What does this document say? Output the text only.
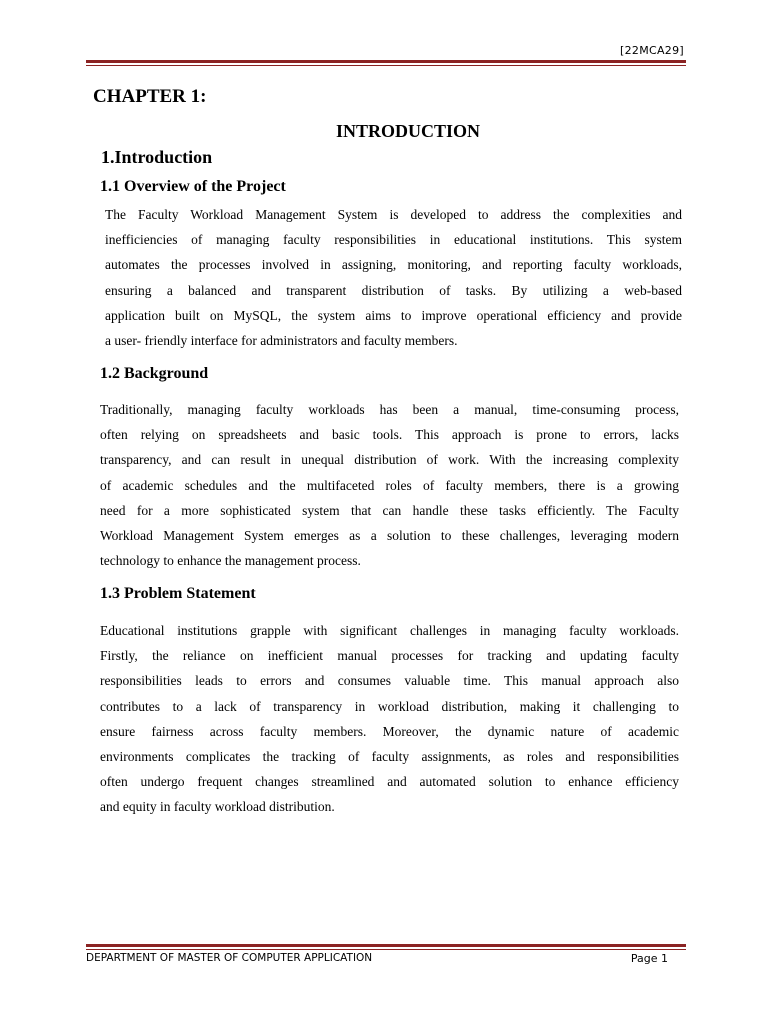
[22MCA29]
CHAPTER 1:
INTRODUCTION
1.Introduction
1.1 Overview of the Project
The Faculty Workload Management System is developed to address the complexities and
inefficiencies of managing faculty responsibilities in educational institutions. This system
automates the processes involved in assigning, monitoring, and reporting faculty workloads,
ensuring a balanced and transparent distribution of tasks. By utilizing a web-based
application built on MySQL, the system aims to improve operational efficiency and provide
a user- friendly interface for administrators and faculty members.
1.2 Background
Traditionally, managing faculty workloads has been a manual, time-consuming process,
often relying on spreadsheets and basic tools. This approach is prone to errors, lacks
transparency, and can result in unequal distribution of work. With the increasing complexity
of academic schedules and the multifaceted roles of faculty members, there is a growing
need for a more sophisticated system that can handle these tasks efficiently. The Faculty
Workload Management System emerges as a solution to these challenges, leveraging modern
technology to enhance the management process.
1.3 Problem Statement
Educational institutions grapple with significant challenges in managing faculty workloads.
Firstly, the reliance on inefficient manual processes for tracking and updating faculty
responsibilities leads to errors and consumes valuable time. This manual approach also
contributes to a lack of transparency in workload distribution, making it challenging to
ensure fairness across faculty members. Moreover, the dynamic nature of academic
environments complicates the tracking of faculty assignments, as roles and responsibilities
often undergo frequent changes streamlined and automated solution to enhance efficiency
and equity in faculty workload distribution.
DEPARTMENT OF MASTER OF COMPUTER APPLICATION	Page 1
